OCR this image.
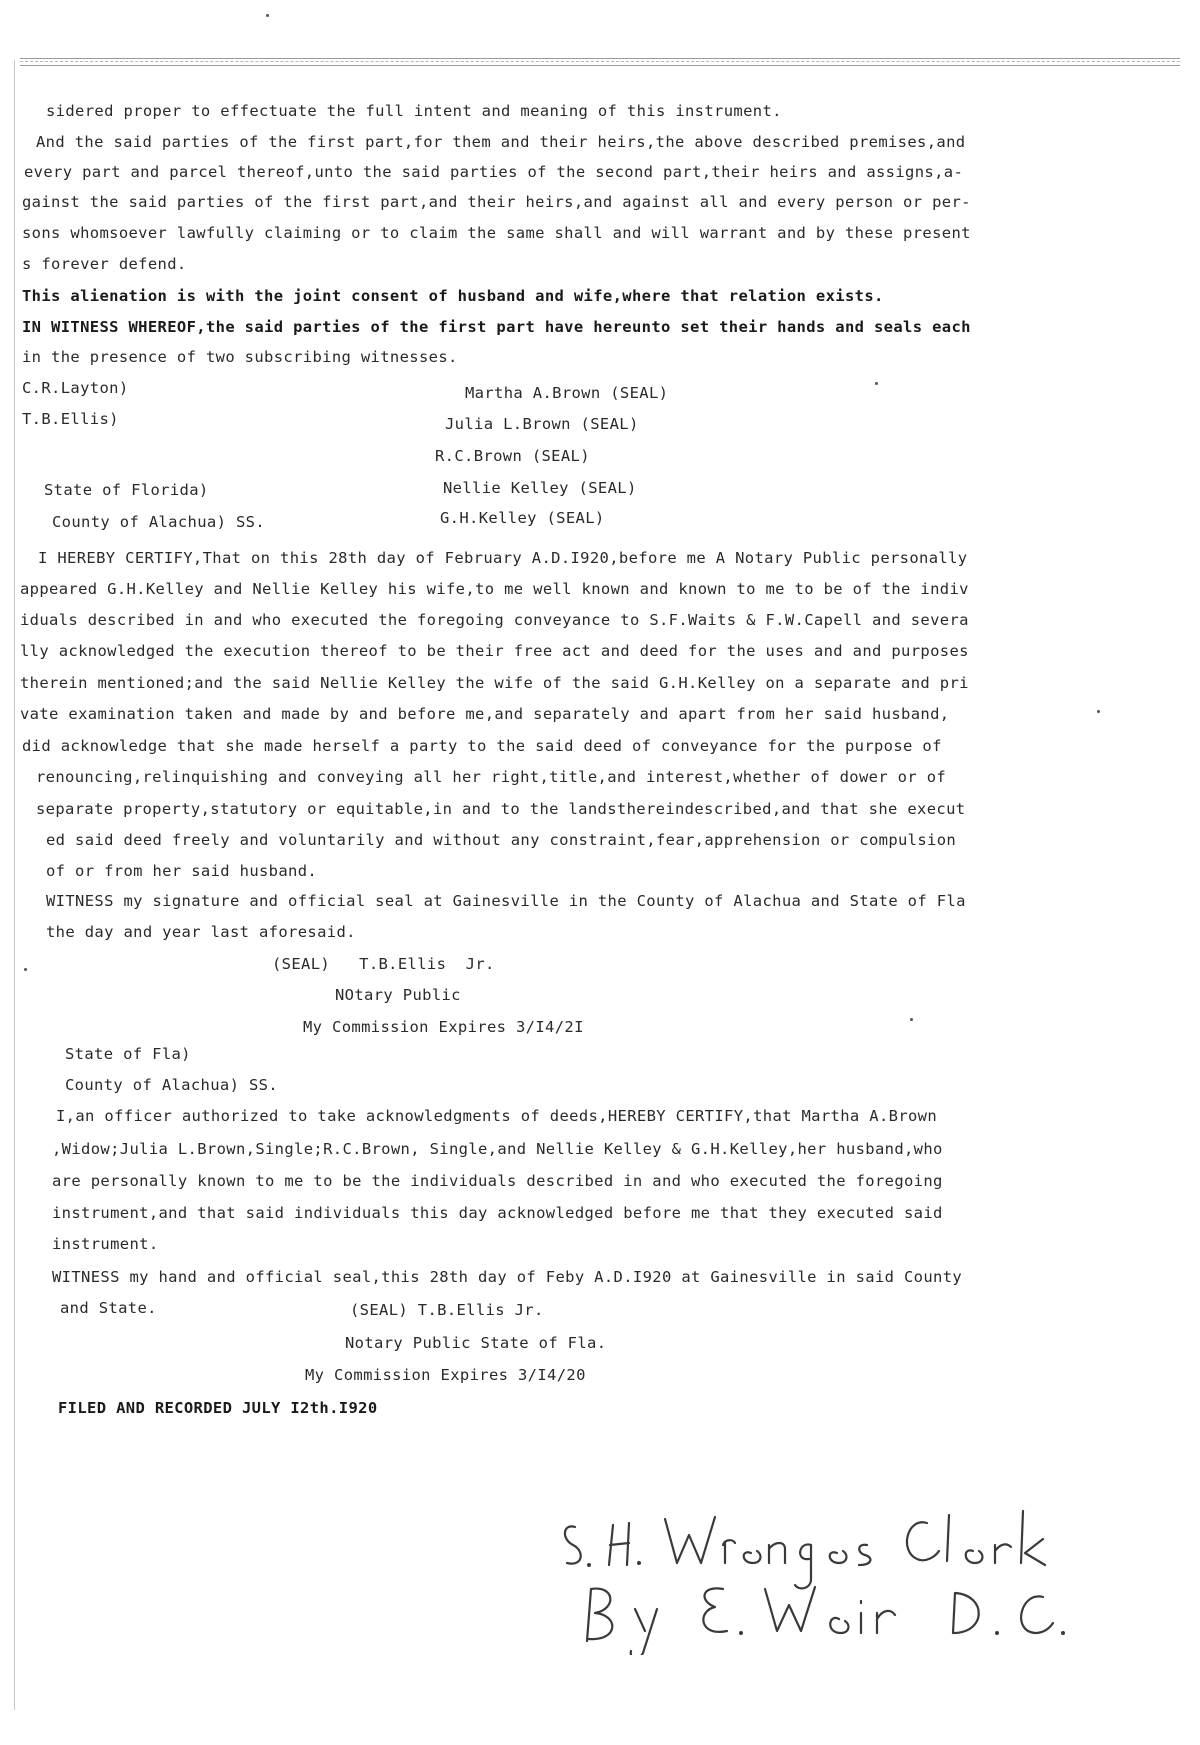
sidered proper to effectuate the full intent and meaning of this instrument.
And the said parties of the first part,for them and their heirs,the above described premises,and
every part and parcel thereof,unto the said parties of the second part,their heirs and assigns,a-
gainst the said parties of the first part,and their heirs,and against all and every person or per-
sons whomsoever lawfully claiming or to claim the same shall and will warrant and by these present
s forever defend.
This alienation is with the joint consent of husband and wife,where that relation exists.
IN WITNESS WHEREOF,the said parties of the first part have hereunto set their hands and seals each
in the presence of two subscribing witnesses.
C.R.Layton)
T.B.Ellis)
Martha A.Brown (SEAL)
Julia L.Brown (SEAL)
R.C.Brown (SEAL)
Nellie Kelley (SEAL)
G.H.Kelley (SEAL)
State of Florida)
County of Alachua) SS.
I HEREBY CERTIFY,That on this 28th day of February A.D.I920,before me A Notary Public personally
appeared G.H.Kelley and Nellie Kelley his wife,to me well known and known to me to be of the indiv
iduals described in and who executed the foregoing conveyance to S.F.Waits & F.W.Capell and severa
lly acknowledged the execution thereof to be their free act and deed for the uses and and purposes
therein mentioned;and the said Nellie Kelley the wife of the said G.H.Kelley on a separate and pri
vate examination taken and made by and before me,and separately and apart from her said husband,
did acknowledge that she made herself a party to the said deed of conveyance for the purpose of
renouncing,relinquishing and conveying all her right,title,and interest,whether of dower or of
separate property,statutory or equitable,in and to the landsthereindescribed,and that she execut
ed said deed freely and voluntarily and without any constraint,fear,apprehension or compulsion
of or from her said husband.
WITNESS my signature and official seal at Gainesville in the County of Alachua and State of Fla
the day and year last aforesaid.
(SEAL)   T.B.Ellis  Jr.
NOtary Public
My Commission Expires 3/I4/2I
State of Fla)
County of Alachua) SS.
I,an officer authorized to take acknowledgments of deeds,HEREBY CERTIFY,that Martha A.Brown
,Widow;Julia L.Brown,Single;R.C.Brown, Single,and Nellie Kelley & G.H.Kelley,her husband,who
are personally known to me to be the individuals described in and who executed the foregoing
instrument,and that said individuals this day acknowledged before me that they executed said
instrument.
WITNESS my hand and official seal,this 28th day of Feby A.D.I920 at Gainesville in said County
and State.	(SEAL) T.B.Ellis Jr.
Notary Public State of Fla.
My Commission Expires 3/I4/20
FILED AND RECORDED JULY I2th.I920
